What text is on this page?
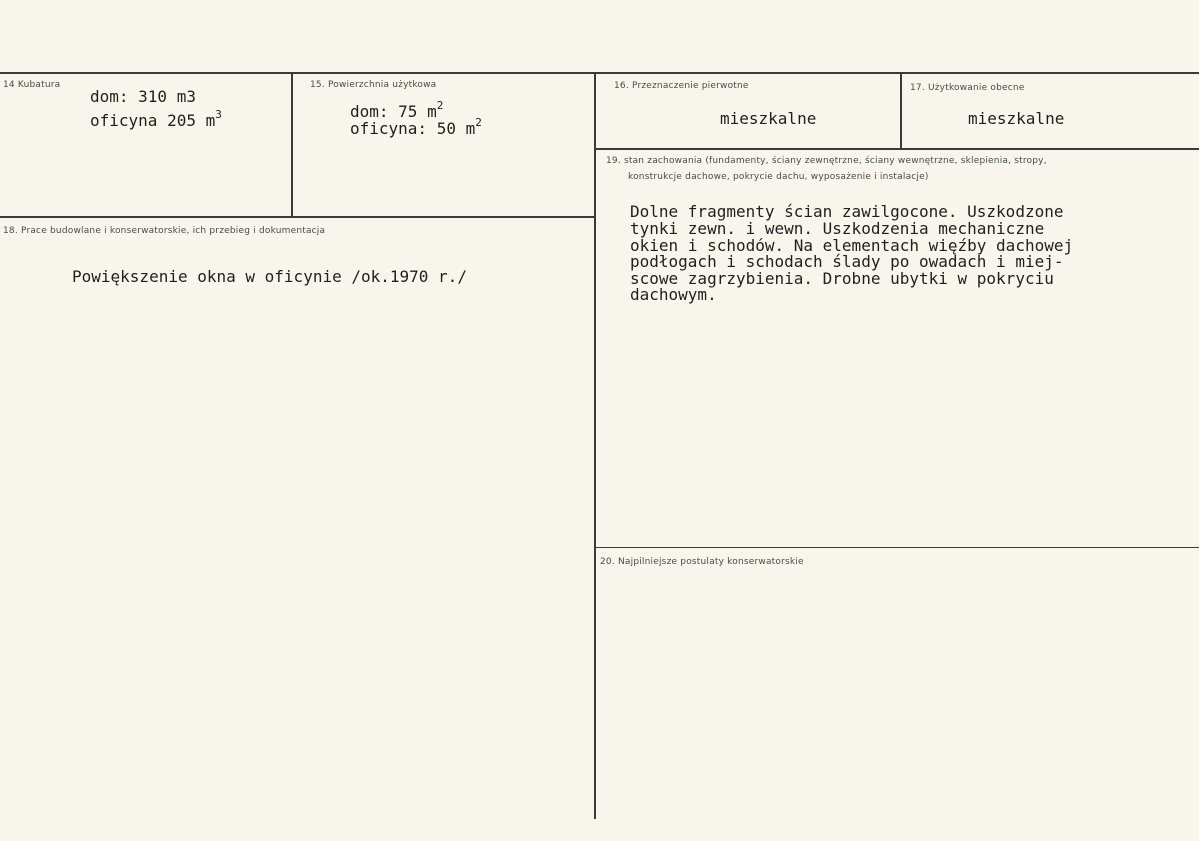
14 Kubatura
dom: 310 m3
oficyna 205 $m^3$
15. Powierzchnia użytkowa
dom: 75 $m^2$
oficyna: 50 $m^2$
16. Przeznaczenie pierwotne
mieszkalne
17. Użytkowanie obecne
mieszkalne
18. Prace budowlane i konserwatorskie, ich przebieg i dokumentacja
Powiększenie okna w oficynie /ok.1970 r./
19. stan zachowania (fundamenty, ściany zewnętrzne, ściany wewnętrzne, sklepienia, stropy,
konstrukcje dachowe, pokrycie dachu, wyposażenie i instalacje)
Dolne fragmenty ścian zawilgocone. Uszkodzone
tynki zewn. i wewn. Uszkodzenia mechaniczne
okien i schodów. Na elementach więźby dachowej
podłogach i schodach ślady po owadach i miej-
scowe zagrzybienia. Drobne ubytki w pokryciu
dachowym.
20. Najpilniejsze postulaty konserwatorskie
